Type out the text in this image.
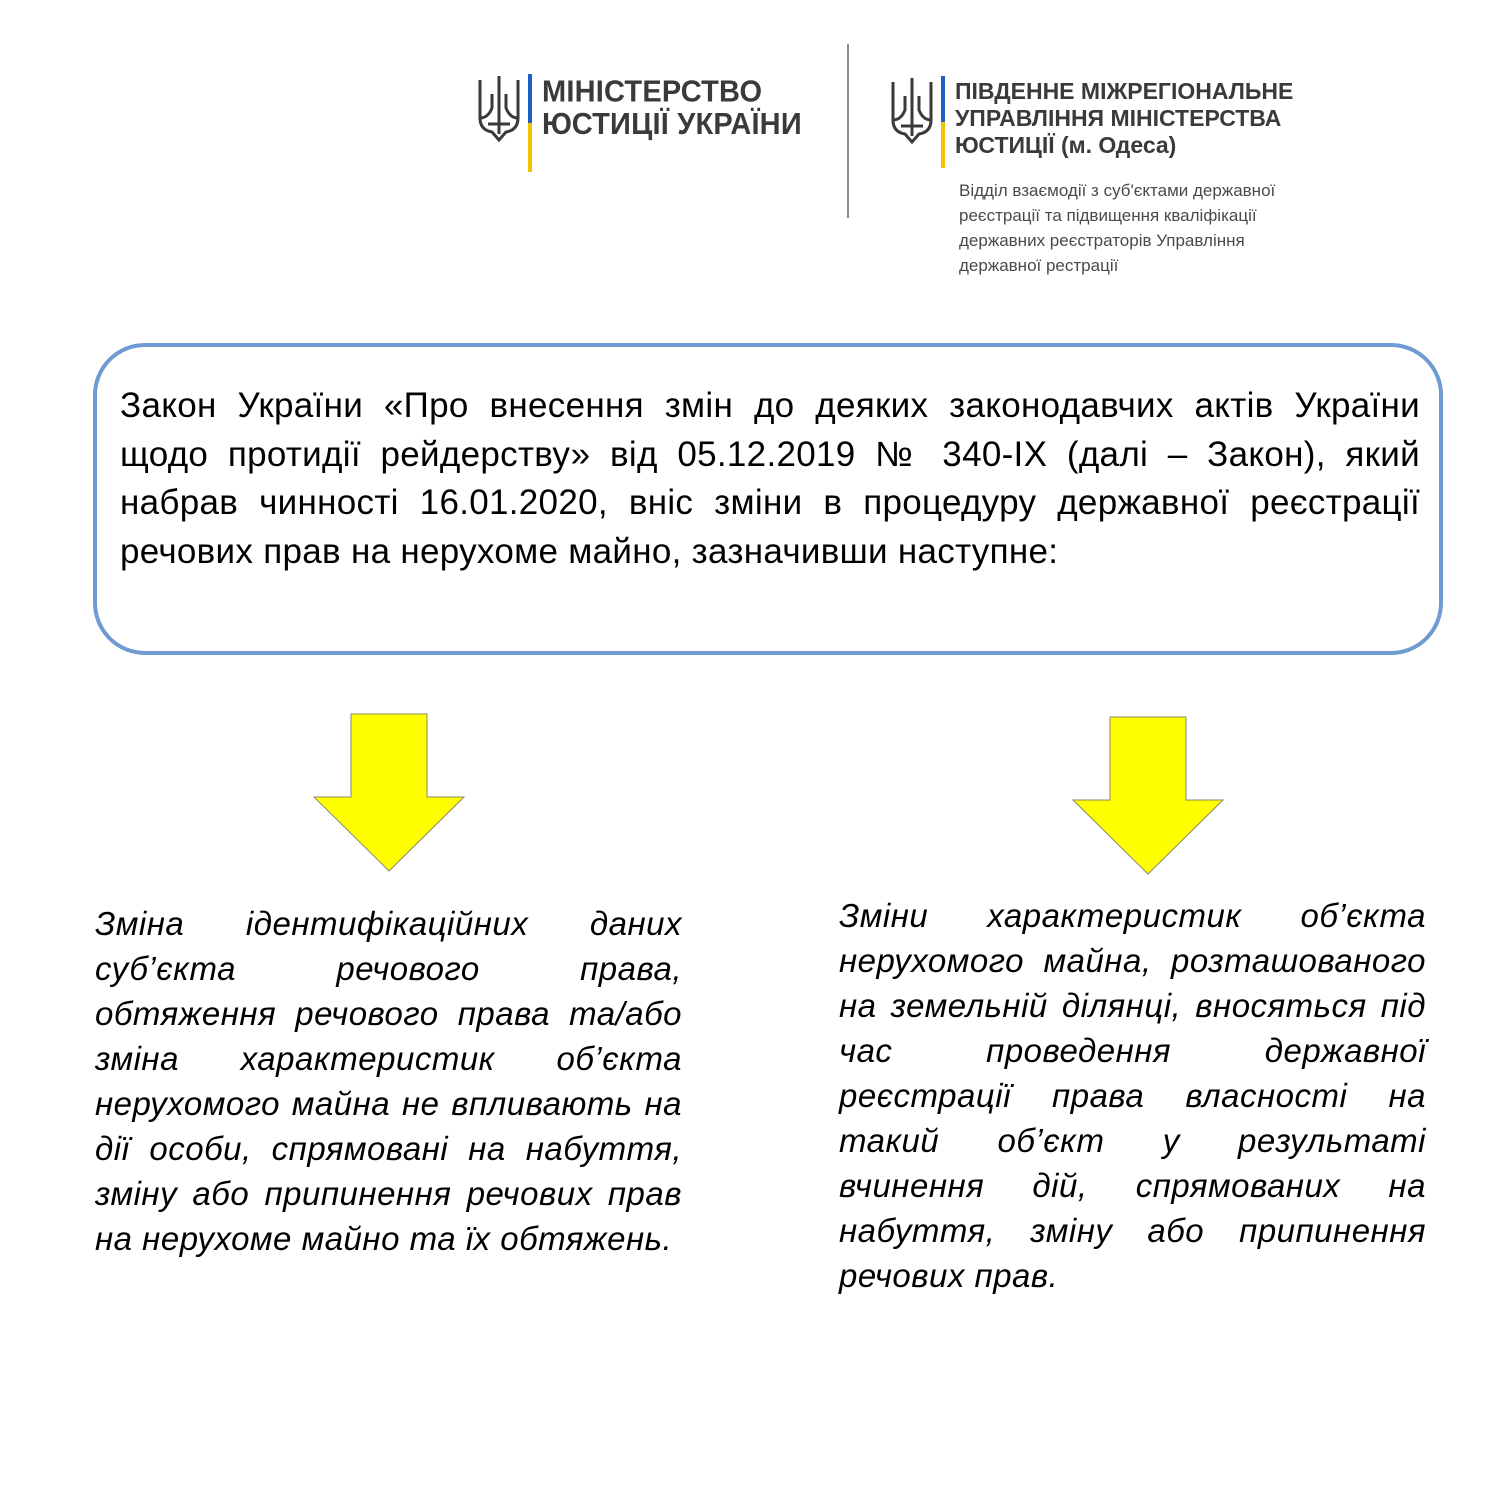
МІНІСТЕРСТВО
ЮСТИЦІЇ УКРАЇНИ
ПІВДЕННЕ МІЖРЕГІОНАЛЬНЕ
УПРАВЛІННЯ МІНІСТЕРСТВА
ЮСТИЦІЇ (м. Одеса)
Відділ взаємодії з суб'єктами державної
реєстрації та підвищення кваліфікації
державних реєстраторів Управління
державної рестрації
Закон України «Про внесення змін до деяких законодавчих актів України щодо протидії рейдерству» від 05.12.2019 № 340-ІХ (далі – Закон), який набрав чинності 16.01.2020, вніс зміни в процедуру державної реєстрації речових прав на нерухоме майно, зазначивши наступне:
Зміна ідентифікаційних даних суб’єкта речового права, обтяження речового права та/або зміна характеристик об’єкта нерухомого майна не впливають на дії особи, спрямовані на набуття, зміну або припинення речових прав на нерухоме майно та їх обтяжень.
Зміни характеристик об’єкта нерухомого майна, розташованого на земельній ділянці, вносяться під час проведення державної реєстрації права власності на такий об’єкт у результаті вчинення дій, спрямованих на набуття, зміну або припинення речових прав.
